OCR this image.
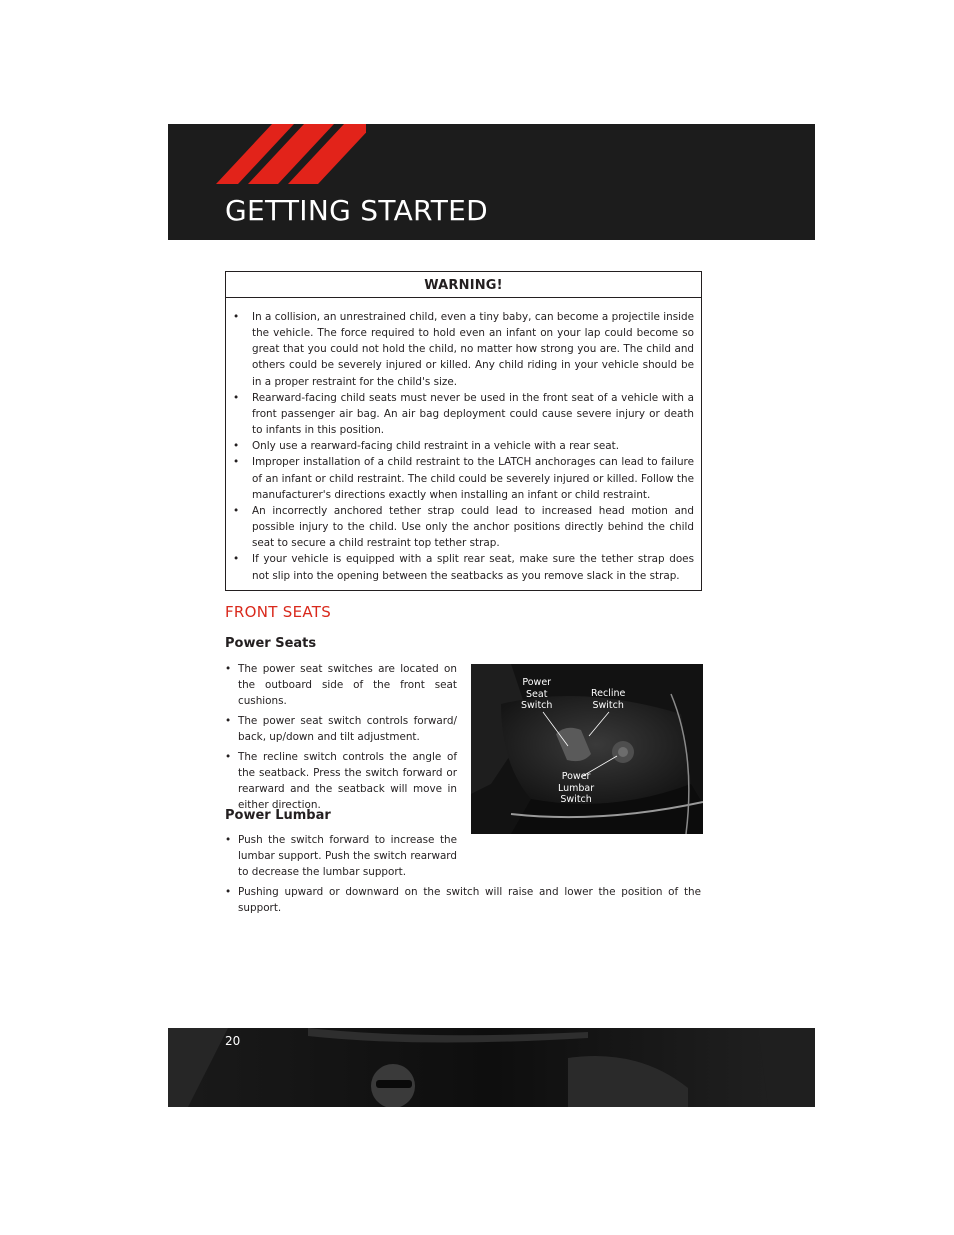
GETTING STARTED
WARNING!
• In a collision, an unrestrained child, even a tiny baby, can become a projectile inside the vehicle. The force required to hold even an infant on your lap could become so great that you could not hold the child, no matter how strong you are. The child and others could be severely injured or killed. Any child riding in your vehicle should be in a proper restraint for the child's size.
• Rearward-facing child seats must never be used in the front seat of a vehicle with a front passenger air bag. An air bag deployment could cause severe injury or death to infants in this position.
• Only use a rearward-facing child restraint in a vehicle with a rear seat.
• Improper installation of a child restraint to the LATCH anchorages can lead to failure of an infant or child restraint. The child could be severely injured or killed. Follow the manufacturer's directions exactly when installing an infant or child restraint.
• An incorrectly anchored tether strap could lead to increased head motion and possible injury to the child. Use only the anchor positions directly behind the child seat to secure a child restraint top tether strap.
• If your vehicle is equipped with a split rear seat, make sure the tether strap does not slip into the opening between the seatbacks as you remove slack in the strap.
FRONT SEATS
Power Seats
• The power seat switches are located on the outboard side of the front seat cushions.
• The power seat switch controls forward/ back, up/down and tilt adjustment.
• The recline switch controls the angle of the seatback. Press the switch forward or rearward and the seatback will move in either direction.
Power Lumbar
• Push the switch forward to increase the lumbar support. Push the switch rearward to decrease the lumbar support.
• Pushing upward or downward on the switch will raise and lower the position of the support.
Power
Seat
Switch
Recline
Switch
Power
Lumbar
Switch
20
